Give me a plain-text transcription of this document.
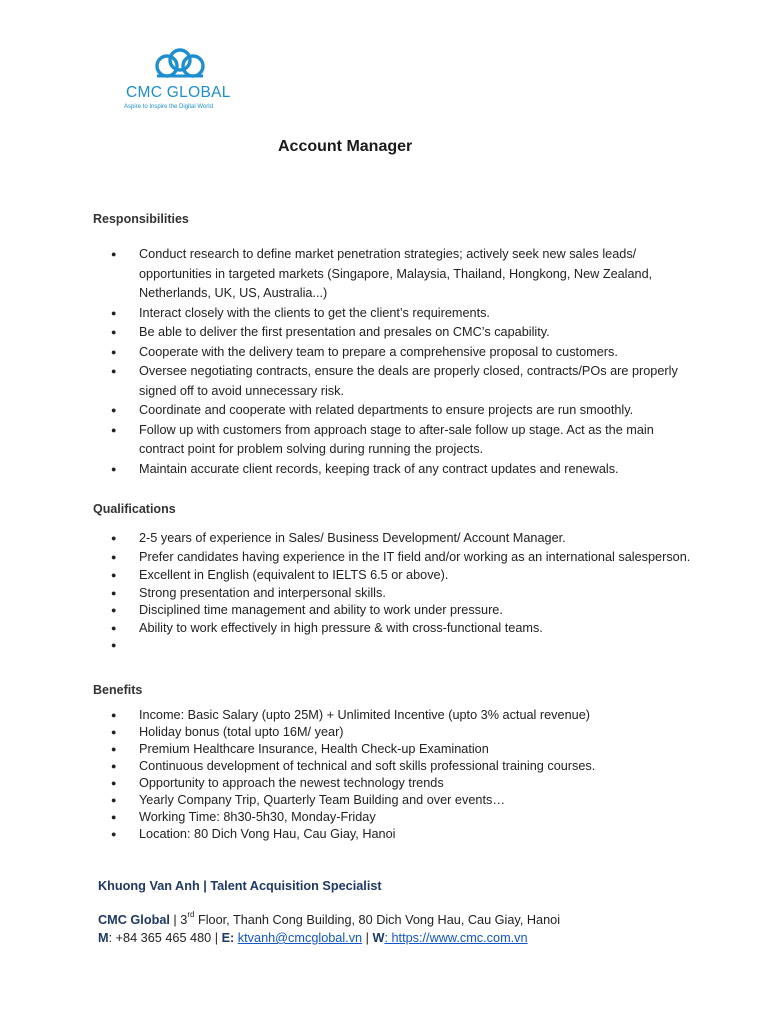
CMC GLOBAL
Aspire to Inspire the Digital World
Account Manager
Responsibilities
● Conduct research to define market penetration strategies; actively seek new sales leads/ opportunities in targeted markets (Singapore, Malaysia, Thailand, Hongkong, New Zealand, Netherlands, UK, US, Australia...)
● Interact closely with the clients to get the client’s requirements.
● Be able to deliver the first presentation and presales on CMC’s capability.
● Cooperate with the delivery team to prepare a comprehensive proposal to customers.
● Oversee negotiating contracts, ensure the deals are properly closed, contracts/POs are properly signed off to avoid unnecessary risk.
● Coordinate and cooperate with related departments to ensure projects are run smoothly.
● Follow up with customers from approach stage to after-sale follow up stage. Act as the main contract point for problem solving during running the projects.
● Maintain accurate client records, keeping track of any contract updates and renewals.
Qualifications
● 2-5 years of experience in Sales/ Business Development/ Account Manager.
● Prefer candidates having experience in the IT field and/or working as an international salesperson.
● Excellent in English (equivalent to IELTS 6.5 or above).
● Strong presentation and interpersonal skills.
● Disciplined time management and ability to work under pressure.
● Ability to work effectively in high pressure & with cross-functional teams.
●
Benefits
● Income: Basic Salary (upto 25M) + Unlimited Incentive (upto 3% actual revenue)
● Holiday bonus (total upto 16M/ year)
● Premium Healthcare Insurance, Health Check-up Examination
● Continuous development of technical and soft skills professional training courses.
● Opportunity to approach the newest technology trends
● Yearly Company Trip, Quarterly Team Building and over events…
● Working Time: 8h30-5h30, Monday-Friday
● Location: 80 Dich Vong Hau, Cau Giay, Hanoi
Khuong Van Anh | Talent Acquisition Specialist
CMC Global | 3rd Floor, Thanh Cong Building, 80 Dich Vong Hau, Cau Giay, Hanoi
M: +84 365 465 480 | E: ktvanh@cmcglobal.vn | W: https://www.cmc.com.vn
